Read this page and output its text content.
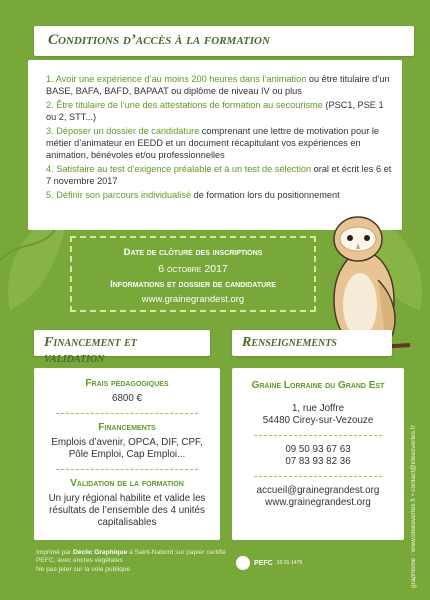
Conditions d’accès à la formation
1. Avoir une expérience d’au moins 200 heures dans l’animation ou être titulaire d’un BASE, BAFA, BAFD, BAPAAT ou diplôme de niveau IV ou plus
2. Être titulaire de l’une des attestations de formation au secourisme (PSC1, PSE 1 ou 2, STT...)
3. Déposer un dossier de candidature comprenant une lettre de motivation pour le métier d’animateur en EEDD et un document récapitulant vos expériences en animation, bénévoles et/ou professionnelles
4. Satisfaire au test d’exigence préalable et à un test de sélection oral et écrit les 6 et 7 novembre 2017
5. Définir son parcours individualisé de formation lors du positionnement
Date de clôture des inscriptions
6 octobre 2017
Informations et dossier de candidature
www.grainegrandest.org
Financement et validation
Frais pédagogiques
6800 €
Financements
Emplois d’avenir, OPCA, DIF, CPF, Pôle Emploi, Cap Emploi...
Validation de la formation
Un jury régional habilite et valide les résultats de l’ensemble des 4 unités capitalisables
Renseignements
Graine Lorraine du Grand Est
1, rue Joffre
54480 Cirey-sur-Vezouze
09 50 93 67 63
07 83 93 82 36
accueil@grainegrandest.org
www.grainegrandest.org
Imprimé par Déclic Graphique à Saint-Nabord sur papier certifié PEFC, avec encres végétales
Ne pas jeter sur la voie publique
PEFC 10-31-1476	graphisme : www.ideesvertes.fr • contact@ideesvertes.fr
